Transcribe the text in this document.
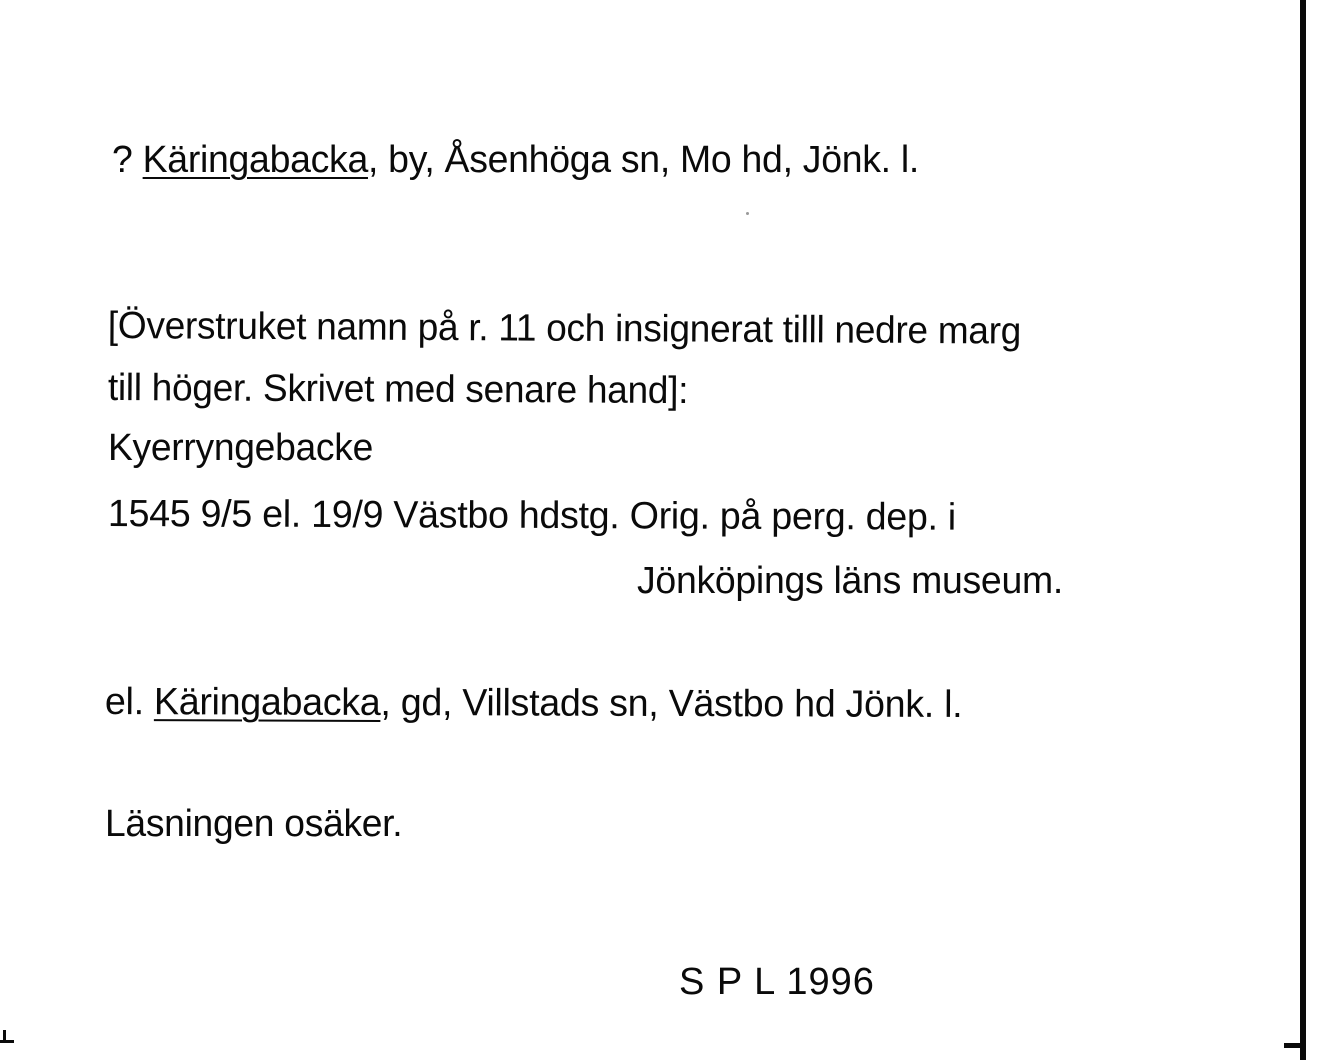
? Käringabacka, by, Åsenhöga sn, Mo hd, Jönk. l.
[Överstruket namn på r. 11 och insignerat tilll nedre marg
till höger. Skrivet med senare hand]:
Kyerryngebacke
1545 9/5 el. 19/9 Västbo hdstg. Orig. på perg. dep. i
Jönköpings läns museum.
el. Käringabacka, gd, Villstads sn, Västbo hd Jönk. l.
Läsningen osäker.
S P L 1996
